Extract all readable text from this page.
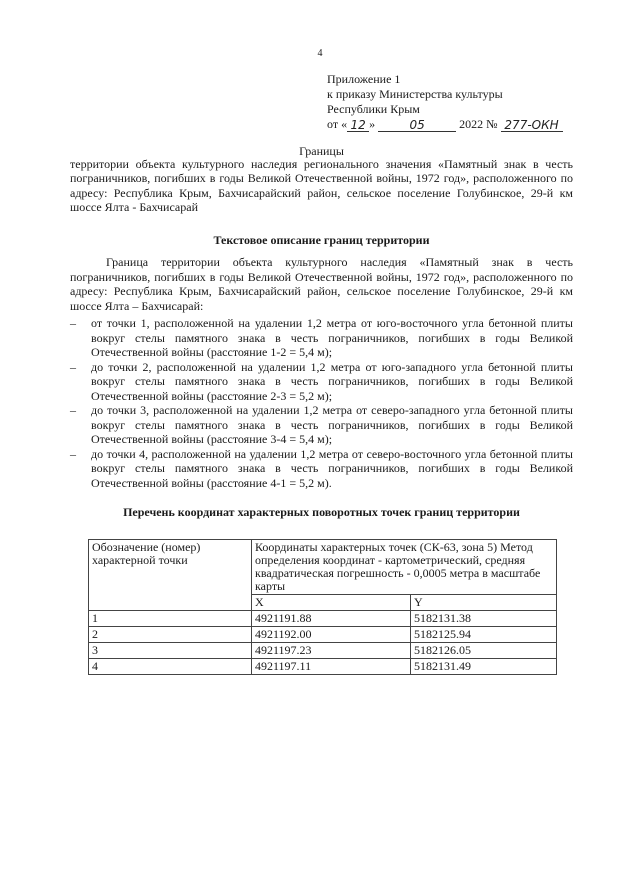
4
Приложение 1
к приказу Министерства культуры
Республики Крым
от « 12 »	05	2022 № 277-ОКН
Границы
территории объекта культурного наследия регионального значения «Памятный знак в честь пограничников, погибших в годы Великой Отечественной войны, 1972 год», расположенного по адресу: Республика Крым, Бахчисарайский район, сельское поселение Голубинское, 29-й км шоссе Ялта - Бахчисарай
Текстовое описание границ территории
Граница территории объекта культурного наследия «Памятный знак в честь пограничников, погибших в годы Великой Отечественной войны, 1972 год», расположенного по адресу: Республика Крым, Бахчисарайский район, сельское поселение Голубинское, 29-й км шоссе Ялта – Бахчисарай:
– от точки 1, расположенной на удалении 1,2 метра от юго-восточного угла бетонной плиты вокруг стелы памятного знака в честь пограничников, погибших в годы Великой Отечественной войны (расстояние 1-2 = 5,4 м);
– до точки 2, расположенной на удалении 1,2 метра от юго-западного угла бетонной плиты вокруг стелы памятного знака в честь пограничников, погибших в годы Великой Отечественной войны (расстояние 2-3 = 5,2 м);
– до точки 3, расположенной на удалении 1,2 метра от северо-западного угла бетонной плиты вокруг стелы памятного знака в честь пограничников, погибших в годы Великой Отечественной войны (расстояние 3-4 = 5,4 м);
– до точки 4, расположенной на удалении 1,2 метра от северо-восточного угла бетонной плиты вокруг стелы памятного знака в честь пограничников, погибших в годы Великой Отечественной войны (расстояние 4-1 = 5,2 м).
Перечень координат характерных поворотных точек границ территории
Обозначение (номер) характерной точки	Координаты характерных точек (СК-63, зона 5) Метод определения координат - картометрический, средняя квадратическая погрешность - 0,0005 метра в масштабе карты	
	X	Y
1	4921191.88	5182131.38
2	4921192.00	5182125.94
3	4921197.23	5182126.05
4	4921197.11	5182131.49
